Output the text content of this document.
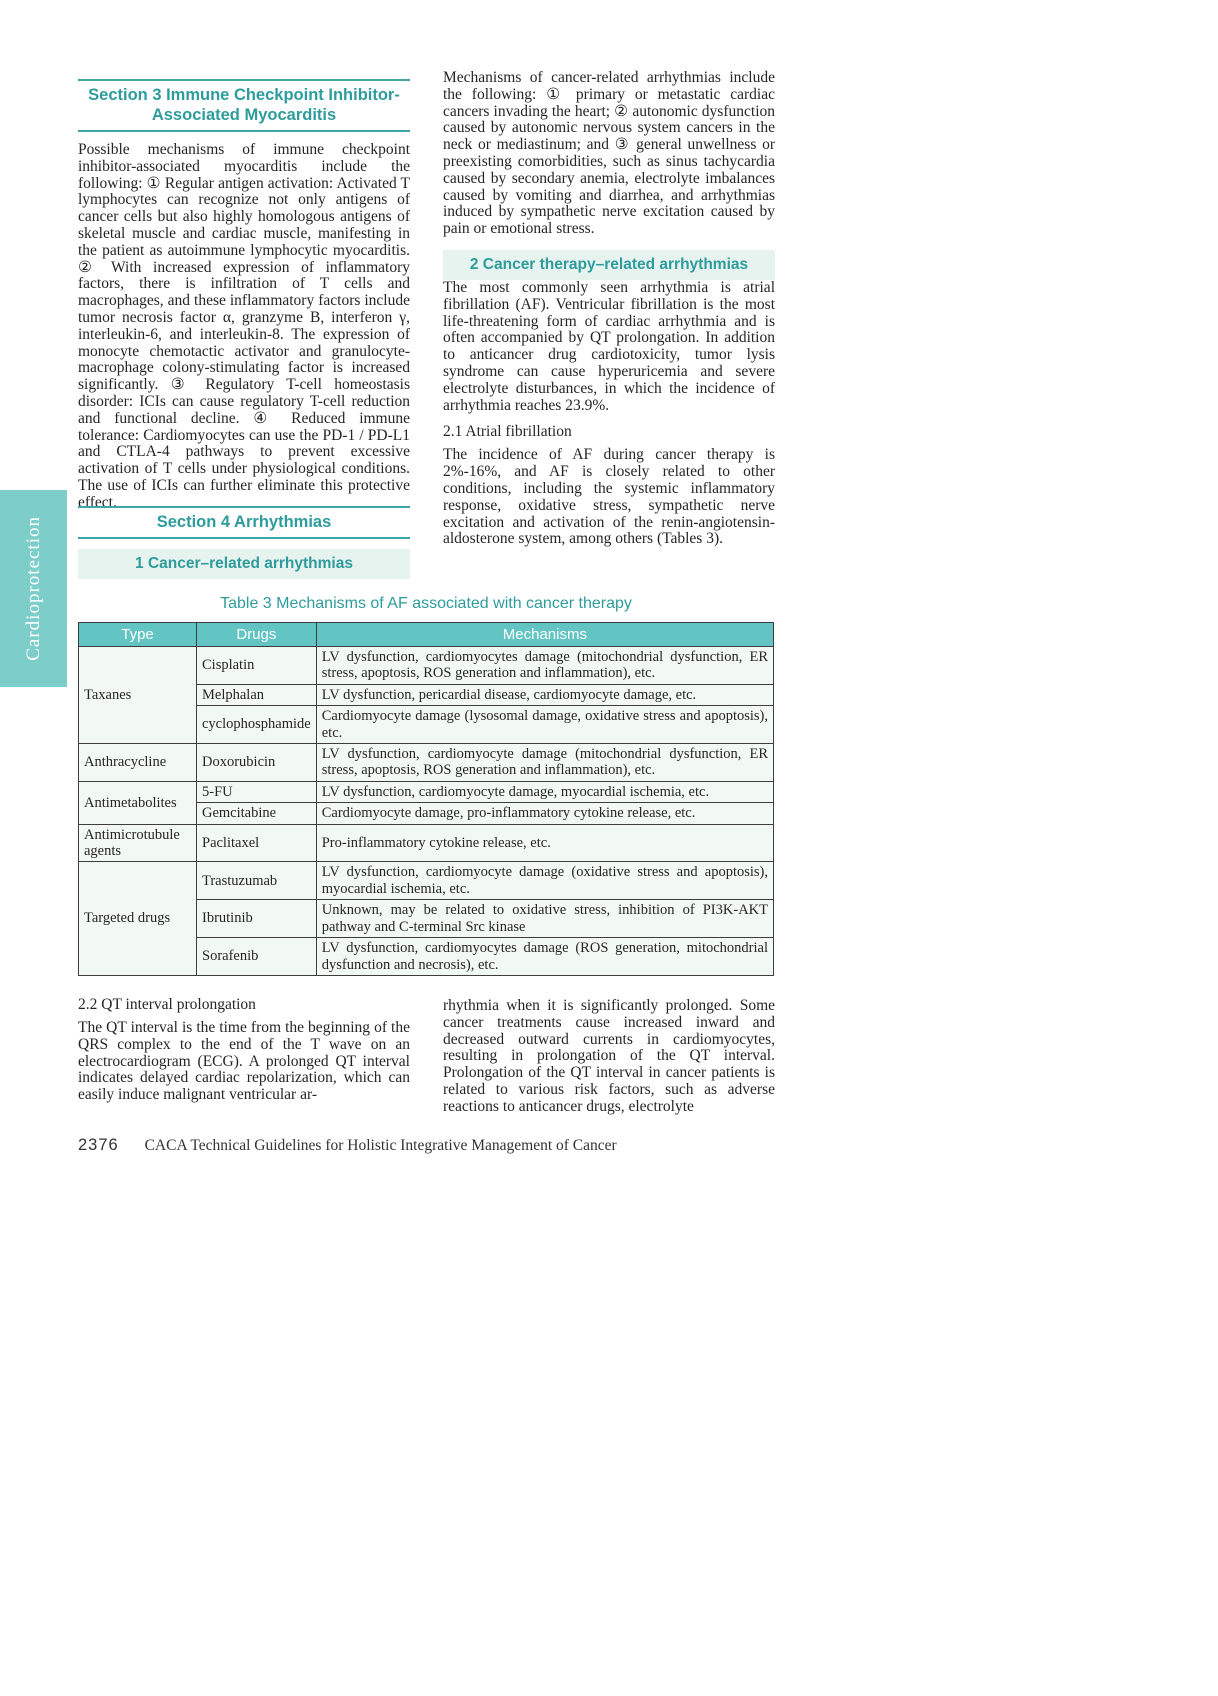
Cardioprotection
Section 3 Immune Checkpoint Inhibitor-
Associated Myocarditis

Possible mechanisms of immune checkpoint inhibitor-associated myocarditis include the following: ① Regular antigen activation: Activated T lymphocytes can recognize not only antigens of cancer cells but also highly homologous antigens of skeletal muscle and cardiac muscle, manifesting in the patient as autoimmune lymphocytic myocarditis. ② With increased expression of inflammatory factors, there is infiltration of T cells and macrophages, and these inflammatory factors include tumor necrosis factor α, granzyme B, interferon γ, interleukin-6, and interleukin-8. The expression of monocyte chemotactic activator and granulocyte-macrophage colony-stimulating factor is increased significantly. ③ Regulatory T-cell homeostasis disorder: ICIs can cause regulatory T-cell reduction and functional decline. ④ Reduced immune tolerance: Cardiomyocytes can use the PD-1 / PD-L1 and CTLA-4 pathways to prevent excessive activation of T cells under physiological conditions. The use of ICIs can further eliminate this protective effect.

Section 4 Arrhythmias
1 Cancer–related arrhythmias

Mechanisms of cancer-related arrhythmias include the following: ① primary or metastatic cardiac cancers invading the heart; ② autonomic dysfunction caused by autonomic nervous system cancers in the neck or mediastinum; and ③ general unwellness or preexisting comorbidities, such as sinus tachycardia caused by secondary anemia, electrolyte imbalances caused by vomiting and diarrhea, and arrhythmias induced by sympathetic nerve excitation caused by pain or emotional stress.

2 Cancer therapy–related arrhythmias

The most commonly seen arrhythmia is atrial fibrillation (AF). Ventricular fibrillation is the most life-threatening form of cardiac arrhythmia and is often accompanied by QT prolongation. In addition to anticancer drug cardiotoxicity, tumor lysis syndrome can cause hyperuricemia and severe electrolyte disturbances, in which the incidence of arrhythmia reaches 23.9%.

2.1 Atrial fibrillation

The incidence of AF during cancer therapy is 2%-16%, and AF is closely related to other conditions, including the systemic inflammatory response, oxidative stress, sympathetic nerve excitation and activation of the renin-angiotensin-aldosterone system, among others (Tables 3).

Table 3 Mechanisms of AF associated with cancer therapy
Type	Drugs	Mechanisms
Taxanes	Cisplatin	LV dysfunction, cardiomyocytes damage (mitochondrial dysfunction, ER stress, apoptosis, ROS generation and inflammation), etc.
	Melphalan	LV dysfunction, pericardial disease, cardiomyocyte damage, etc.
	cyclophosphamide	Cardiomyocyte damage (lysosomal damage, oxidative stress and apoptosis), etc.
Anthracycline	Doxorubicin	LV dysfunction, cardiomyocyte damage (mitochondrial dysfunction, ER stress, apoptosis, ROS generation and inflammation), etc.
Antimetabolites	5-FU	LV dysfunction, cardiomyocyte damage, myocardial ischemia, etc.
	Gemcitabine	Cardiomyocyte damage, pro-inflammatory cytokine release, etc.
Antimicrotubule agents	Paclitaxel	Pro-inflammatory cytokine release, etc.
Targeted drugs	Trastuzumab	LV dysfunction, cardiomyocyte damage (oxidative stress and apoptosis), myocardial ischemia, etc.
	Ibrutinib	Unknown, may be related to oxidative stress, inhibition of PI3K-AKT pathway and C-terminal Src kinase
	Sorafenib	LV dysfunction, cardiomyocytes damage (ROS generation, mitochondrial dysfunction and necrosis), etc.
2.2 QT interval prolongation

The QT interval is the time from the beginning of the QRS complex to the end of the T wave on an electrocardiogram (ECG). A prolonged QT interval indicates delayed cardiac repolarization, which can easily induce malignant ventricular ar-

rhythmia when it is significantly prolonged. Some cancer treatments cause increased inward and decreased outward currents in cardiomyocytes, resulting in prolongation of the QT interval. Prolongation of the QT interval in cancer patients is related to various risk factors, such as adverse reactions to anticancer drugs, electrolyte

2376 CACA Technical Guidelines for Holistic Integrative Management of Cancer
